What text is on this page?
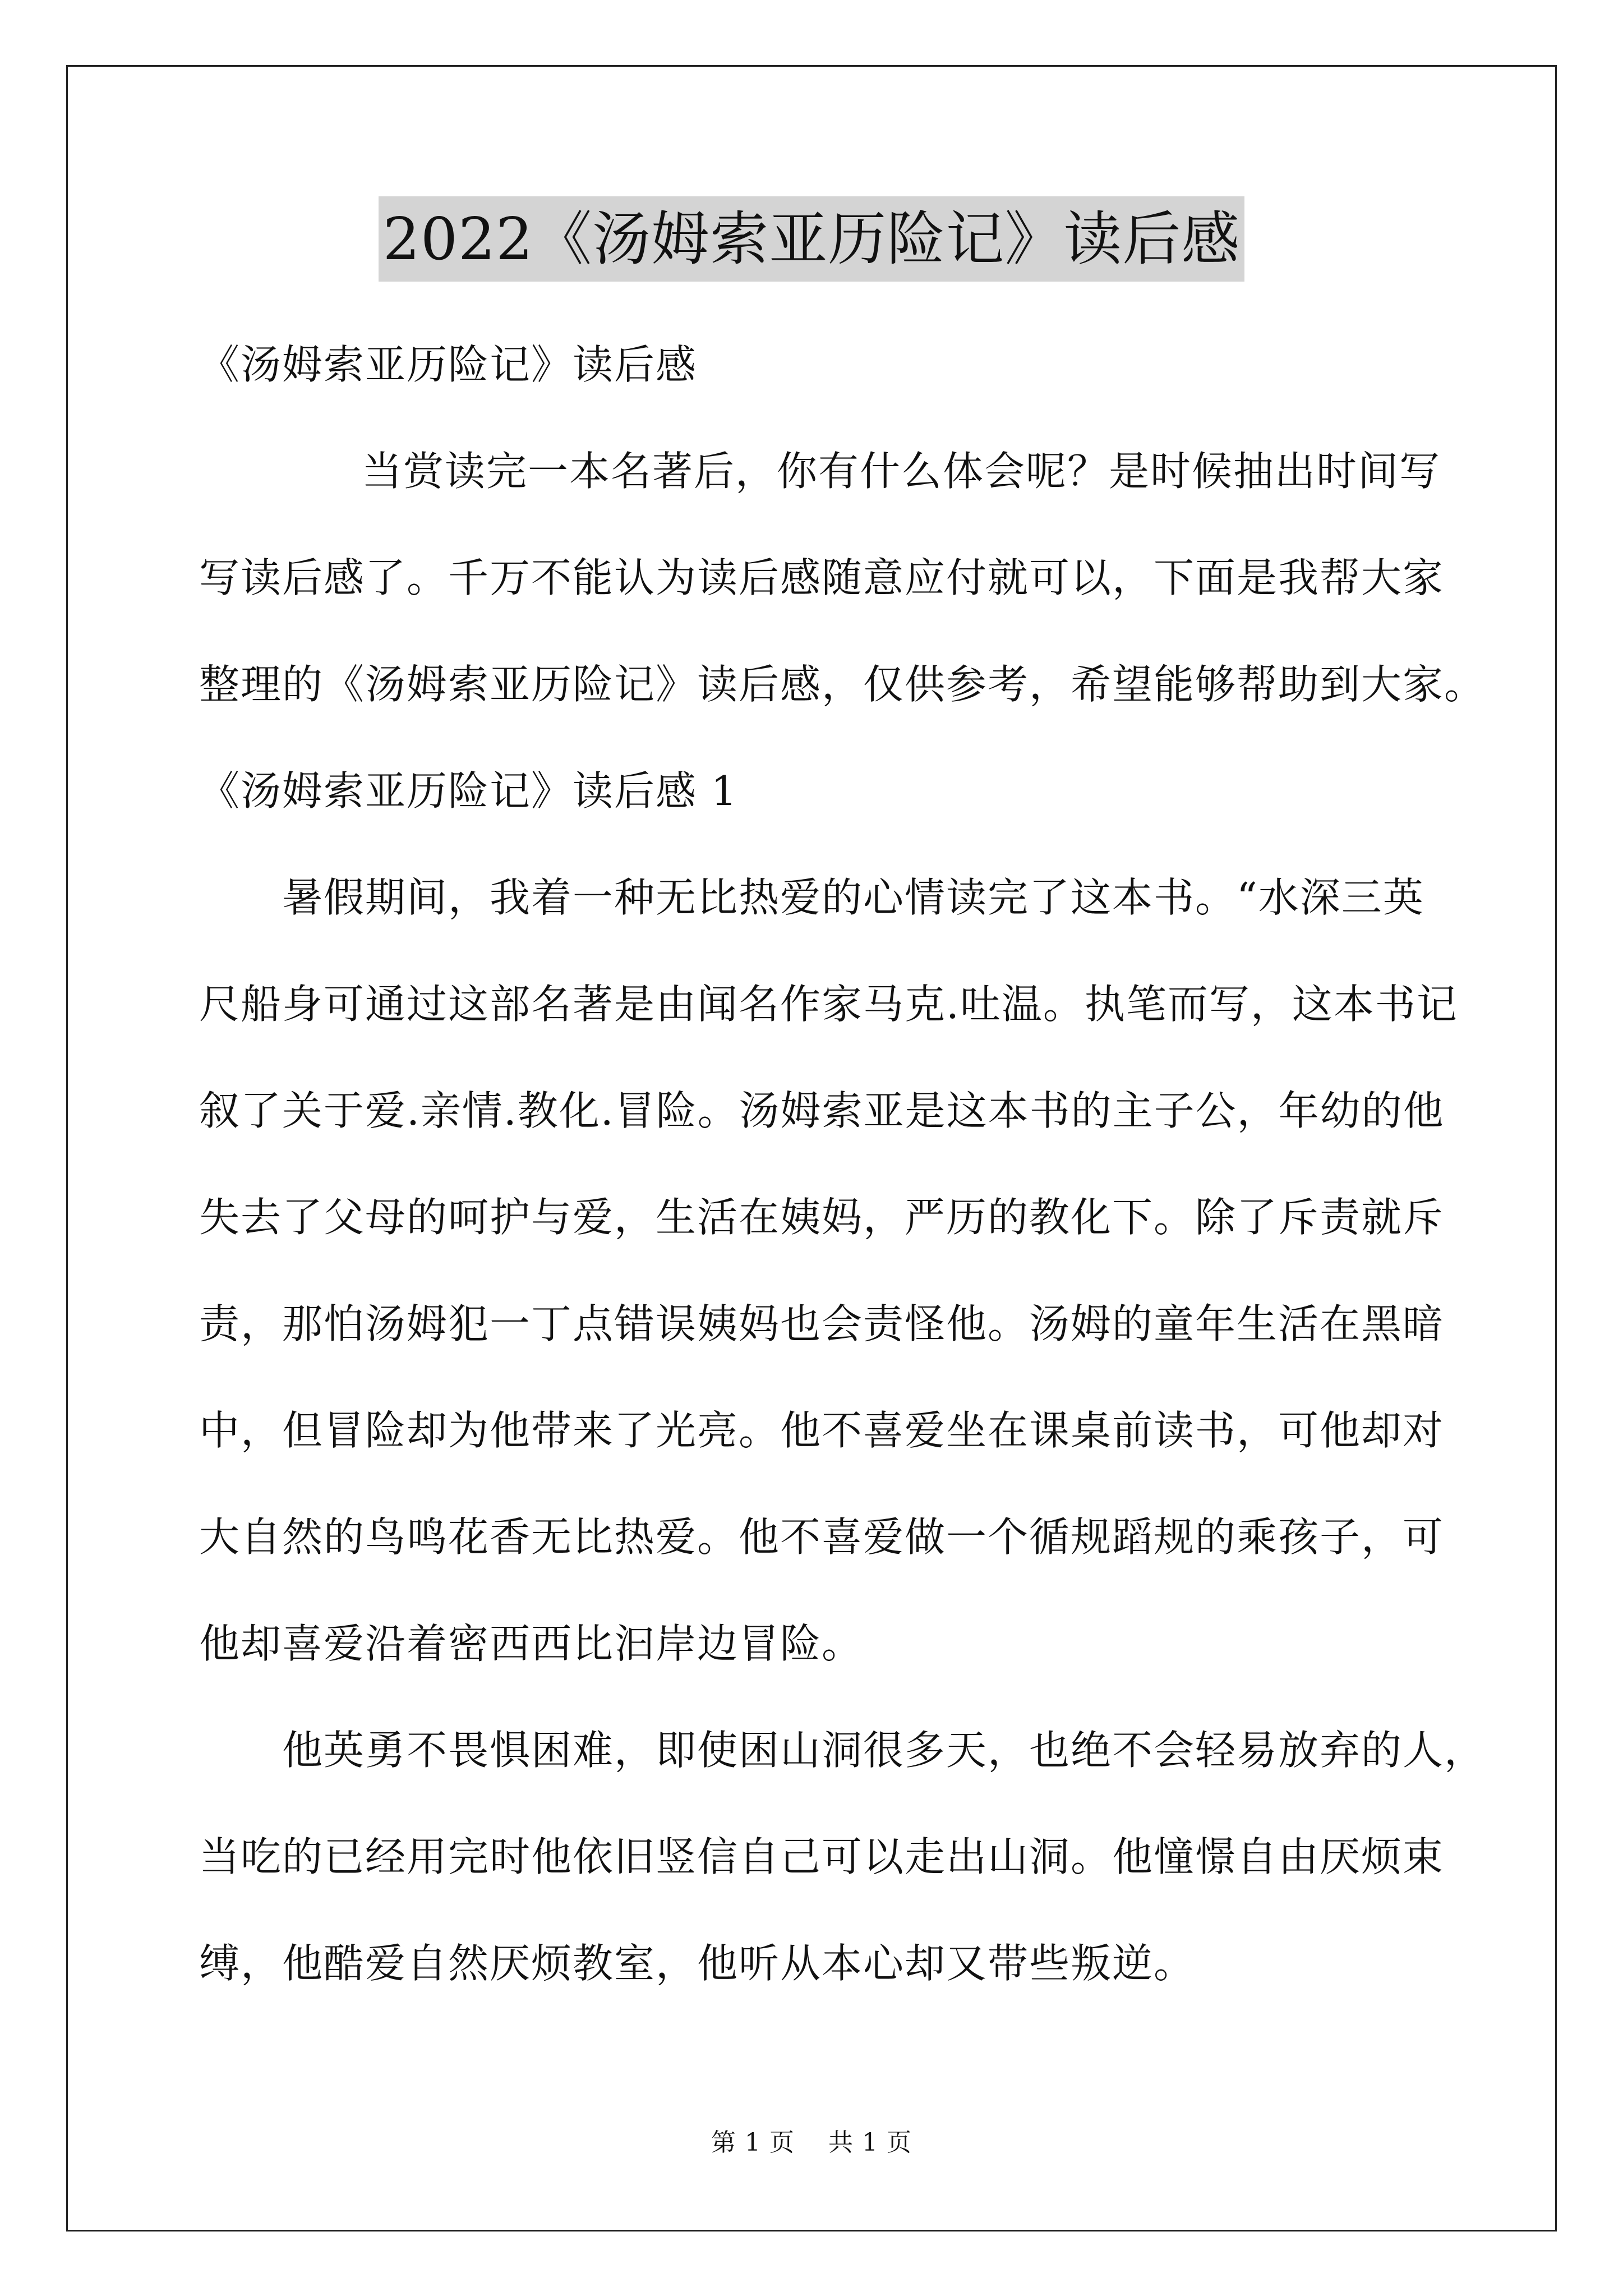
2022《汤姆索亚历险记》读后感
《汤姆索亚历险记》读后感
当赏读完一本名著后，你有什么体会呢？是时候抽出时间写
写读后感了。千万不能认为读后感随意应付就可以，下面是我帮大家
整理的《汤姆索亚历险记》读后感，仅供参考，希望能够帮助到大家。
《汤姆索亚历险记》读后感 1
暑假期间，我着一种无比热爱的心情读完了这本书。“水深三英
尺船身可通过这部名著是由闻名作家马克.吐温。执笔而写，这本书记
叙了关于爱.亲情.教化.冒险。汤姆索亚是这本书的主子公，年幼的他
失去了父母的呵护与爱，生活在姨妈，严历的教化下。除了斥责就斥
责，那怕汤姆犯一丁点错误姨妈也会责怪他。汤姆的童年生活在黑暗
中，但冒险却为他带来了光亮。他不喜爱坐在课桌前读书，可他却对
大自然的鸟鸣花香无比热爱。他不喜爱做一个循规蹈规的乘孩子，可
他却喜爱沿着密西西比汩岸边冒险。
他英勇不畏惧困难，即使困山洞很多天，也绝不会轻易放弃的人，
当吃的已经用完时他依旧竖信自己可以走出山洞。他憧憬自由厌烦束
缚，他酷爱自然厌烦教室，他听从本心却又带些叛逆。
第 1 页 共 1 页
